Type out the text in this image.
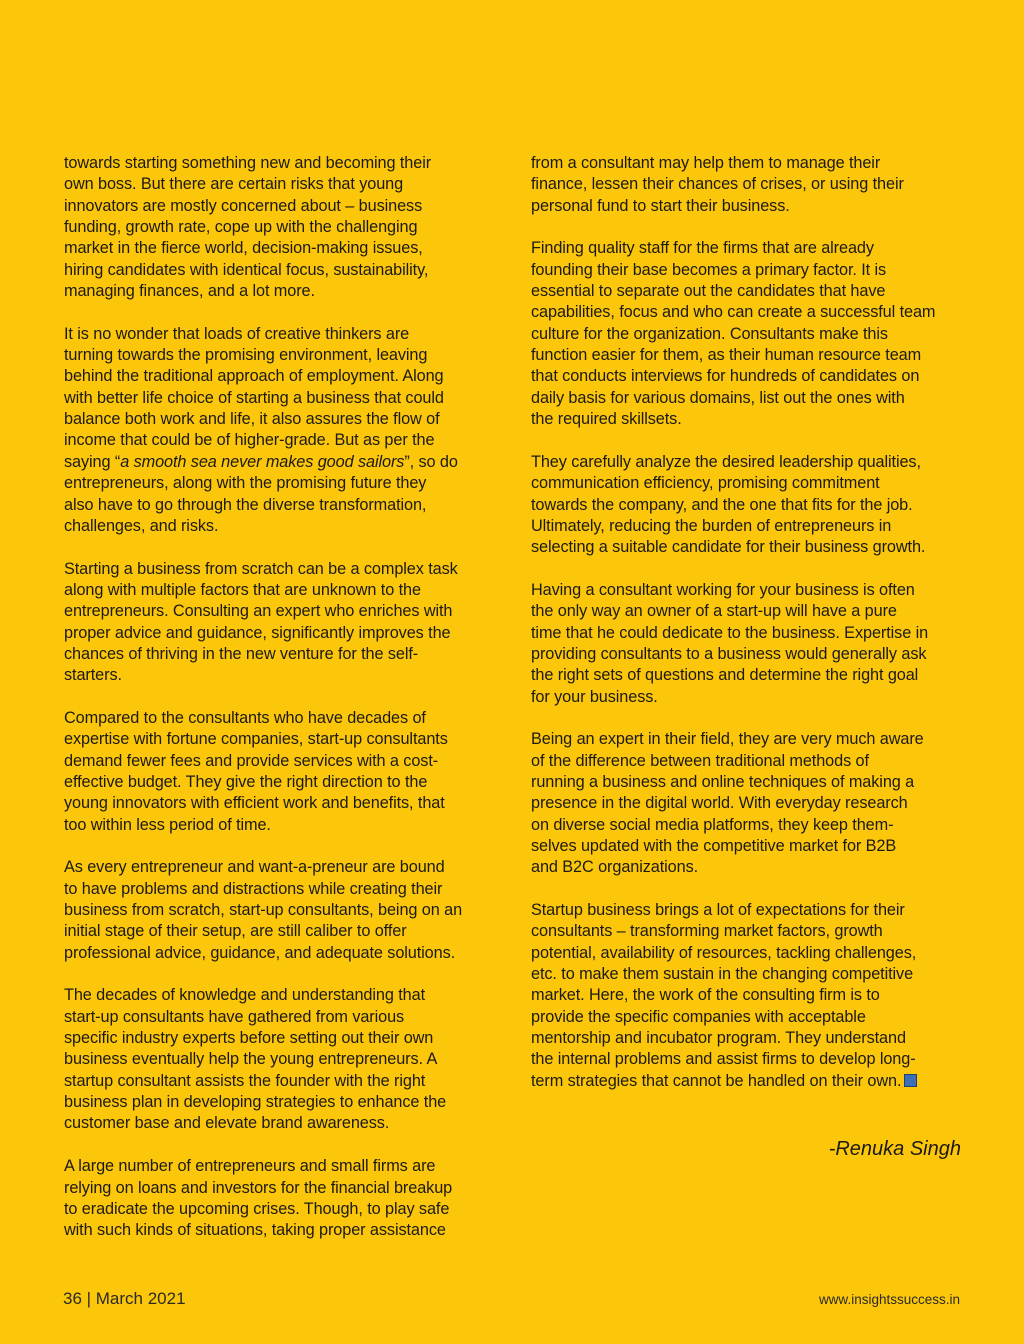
towards starting something new and becoming their
own boss. But there are certain risks that young
innovators are mostly concerned about – business
funding, growth rate, cope up with the challenging
market in the fierce world, decision-making issues,
hiring candidates with identical focus, sustainability,
managing finances, and a lot more.

It is no wonder that loads of creative thinkers are
turning towards the promising environment, leaving
behind the traditional approach of employment. Along
with better life choice of starting a business that could
balance both work and life, it also assures the flow of
income that could be of higher-grade. But as per the
saying “a smooth sea never makes good sailors”, so do
entrepreneurs, along with the promising future they
also have to go through the diverse transformation,
challenges, and risks.

Starting a business from scratch can be a complex task
along with multiple factors that are unknown to the
entrepreneurs. Consulting an expert who enriches with
proper advice and guidance, significantly improves the
chances of thriving in the new venture for the self-
starters.

Compared to the consultants who have decades of
expertise with fortune companies, start-up consultants
demand fewer fees and provide services with a cost-
effective budget. They give the right direction to the
young innovators with efficient work and benefits, that
too within less period of time.

As every entrepreneur and want-a-preneur are bound
to have problems and distractions while creating their
business from scratch, start-up consultants, being on an
initial stage of their setup, are still caliber to offer
professional advice, guidance, and adequate solutions.

The decades of knowledge and understanding that
start-up consultants have gathered from various
specific industry experts before setting out their own
business eventually help the young entrepreneurs. A
startup consultant assists the founder with the right
business plan in developing strategies to enhance the
customer base and elevate brand awareness.

A large number of entrepreneurs and small firms are
relying on loans and investors for the financial breakup
to eradicate the upcoming crises. Though, to play safe
with such kinds of situations, taking proper assistance

from a consultant may help them to manage their
finance, lessen their chances of crises, or using their
personal fund to start their business.

Finding quality staff for the firms that are already
founding their base becomes a primary factor. It is
essential to separate out the candidates that have
capabilities, focus and who can create a successful team
culture for the organization. Consultants make this
function easier for them, as their human resource team
that conducts interviews for hundreds of candidates on
daily basis for various domains, list out the ones with
the required skillsets.

They carefully analyze the desired leadership qualities,
communication efficiency, promising commitment
towards the company, and the one that fits for the job.
Ultimately, reducing the burden of entrepreneurs in
selecting a suitable candidate for their business growth.

Having a consultant working for your business is often
the only way an owner of a start-up will have a pure
time that he could dedicate to the business. Expertise in
providing consultants to a business would generally ask
the right sets of questions and determine the right goal
for your business.

Being an expert in their field, they are very much aware
of the difference between traditional methods of
running a business and online techniques of making a
presence in the digital world. With everyday research
on diverse social media platforms, they keep them-
selves updated with the competitive market for B2B
and B2C organizations.

Startup business brings a lot of expectations for their
consultants – transforming market factors, growth
potential, availability of resources, tackling challenges,
etc. to make them sustain in the changing competitive
market. Here, the work of the consulting firm is to
provide the specific companies with acceptable
mentorship and incubator program. They understand
the internal problems and assist firms to develop long-
term strategies that cannot be handled on their own.

-Renuka Singh
36 | March 2021	www.insightssuccess.in
